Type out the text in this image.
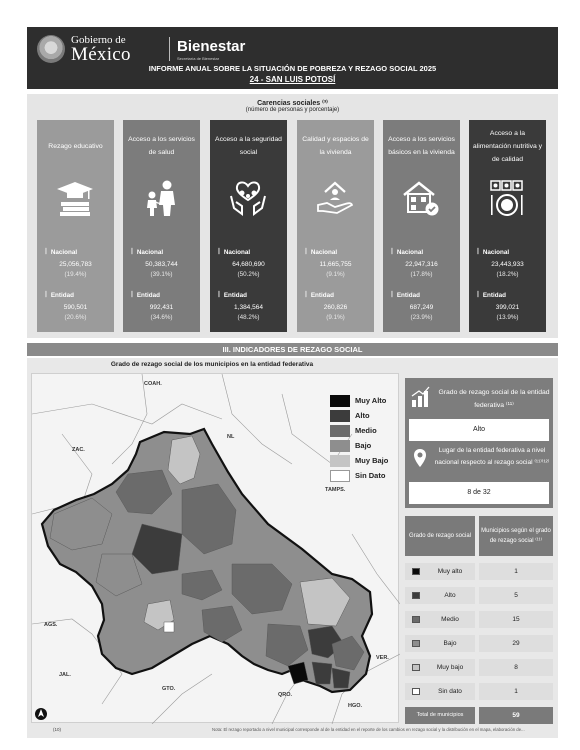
Gobierno de
México	Bienestar
Secretaría de Bienestar
INFORME ANUAL SOBRE LA SITUACIÓN DE POBREZA Y REZAGO SOCIAL 2025
24 - SAN LUIS POTOSÍ
Carencias sociales ⁽³⁾
(número de personas y porcentaje)
Rezago educativo
ꟾ Nacional
25,056,783
(19.4%)
ꟾ Entidad
590,501
(20.6%)
Acceso a los servicios de salud
ꟾ Nacional
50,383,744
(39.1%)
ꟾ Entidad
992,431
(34.6%)
Acceso a la seguridad social
ꟾ Nacional
64,680,690
(50.2%)
ꟾ Entidad
1,384,564
(48.2%)
Calidad y espacios de la vivienda
ꟾ Nacional
11,665,755
(9.1%)
ꟾ Entidad
260,826
(9.1%)
Acceso a los servicios básicos en la vivienda
ꟾ Nacional
22,947,316
(17.8%)
ꟾ Entidad
687,249
(23.9%)
Acceso a la alimentación nutritiva y de calidad
ꟾ Nacional
23,443,933
(18.2%)
ꟾ Entidad
399,021
(13.9%)
III. INDICADORES DE REZAGO SOCIAL
Grado de rezago social de los municipios en la entidad federativa
COAH.
ZAC.
NL
TAMPS.
AGS.
JAL.
GTO.
QRO.
VER.
HGO.
Muy Alto
Alto
Medio
Bajo
Muy Bajo
Sin Dato
Grado de rezago social de la entidad federativa ⁽¹¹⁾
Alto
Lugar de la entidad federativa a nivel nacional respecto al rezago social ⁽¹¹⁾⁽¹²⁾
8 de 32
Grado de rezago social
Municipios según el grado de rezago social ⁽¹¹⁾
Muy alto	1
Alto	5
Medio	15
Bajo	29
Muy bajo	8
Sin dato	1
Total de municipios	59
(10)	Nota: El rezago reportado a nivel municipal corresponde al de la entidad en el reporte de los cambios en rezago social y la distribución en el mapa, elaboración de...
